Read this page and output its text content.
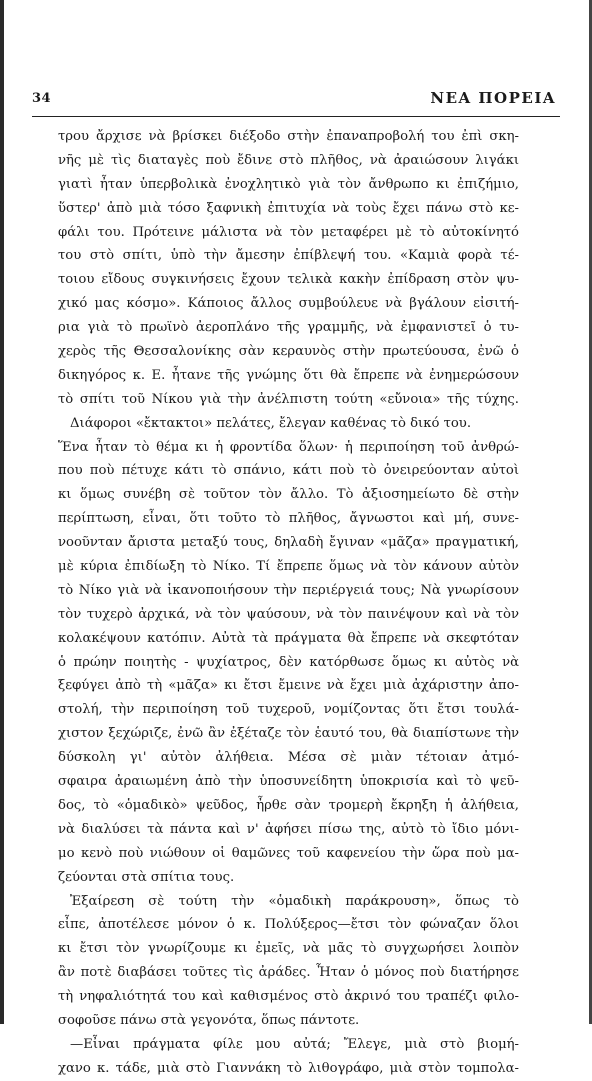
34	ΝΕΑ ΠΟΡΕΙΑ
τρου ἄρχισε νὰ βρίσκει διέξοδο στὴν ἐπαναπροβολή του ἐπὶ σκη-
νῆς μὲ τὶς διαταγὲς ποὺ ἔδινε στὸ πλῆθος, νὰ ἀραιώσουν λιγάκι
γιατὶ ἦταν ὑπερβολικὰ ἐνοχλητικὸ γιὰ τὸν ἄνθρωπο κι ἐπιζήμιο,
ὕστερ' ἀπὸ μιὰ τόσο ξαφνικὴ ἐπιτυχία νὰ τοὺς ἔχει πάνω στὸ κε-
φάλι του. Πρότεινε μάλιστα νὰ τὸν μεταφέρει μὲ τὸ αὐτοκίνητό
του στὸ σπίτι, ὑπὸ τὴν ἄμεσην ἐπίβλεψή του. «Καμιὰ φορὰ τέ-
τοιου εἴδους συγκινήσεις ἔχουν τελικὰ κακὴν ἐπίδραση στὸν ψυ-
χικό μας κόσμο». Κάποιος ἄλλος συμβούλευε νὰ βγάλουν εἰσιτή-
ρια γιὰ τὸ πρωϊνὸ ἀεροπλάνο τῆς γραμμῆς, νὰ ἐμφανιστεῖ ὁ τυ-
χερὸς τῆς Θεσσαλονίκης σὰν κεραυνὸς στὴν πρωτεύουσα, ἐνῶ ὁ
δικηγόρος κ. Ε. ἦτανε τῆς γνώμης ὅτι θὰ ἔπρεπε νὰ ἐνημερώσουν
τὸ σπίτι τοῦ Νίκου γιὰ τὴν ἀνέλπιστη τούτη «εὔνοια» τῆς τύχης.
Διάφοροι «ἔκτακτοι» πελάτες, ἔλεγαν καθένας τὸ δικό του.
Ἕνα ἦταν τὸ θέμα κι ἡ φροντίδα ὅλων· ἡ περιποίηση τοῦ ἀνθρώ-
που ποὺ πέτυχε κάτι τὸ σπάνιο, κάτι ποὺ τὸ ὀνειρεύονταν αὐτοὶ
κι ὅμως συνέβη σὲ τοῦτον τὸν ἄλλο. Τὸ ἀξιοσημείωτο δὲ στὴν
περίπτωση, εἶναι, ὅτι τοῦτο τὸ πλῆθος, ἄγνωστοι καὶ μή, συνε-
νοοῦνταν ἄριστα μεταξύ τους, δηλαδὴ ἔγιναν «μᾶζα» πραγματική,
μὲ κύρια ἐπιδίωξη τὸ Νίκο. Τί ἔπρεπε ὅμως νὰ τὸν κάνουν αὐτὸν
τὸ Νίκο γιὰ νὰ ἱκανοποιήσουν τὴν περιέργειά τους; Νὰ γνωρίσουν
τὸν τυχερὸ ἀρχικά, νὰ τὸν ψαύσουν, νὰ τὸν παινέψουν καὶ νὰ τὸν
κολακέψουν κατόπιν. Αὐτὰ τὰ πράγματα θὰ ἔπρεπε νὰ σκεφτόταν
ὁ πρώην ποιητὴς - ψυχίατρος, δὲν κατόρθωσε ὅμως κι αὐτὸς νὰ
ξεφύγει ἀπὸ τὴ «μᾶζα» κι ἔτσι ἔμεινε νὰ ἔχει μιὰ ἀχάριστην ἀπο-
στολή, τὴν περιποίηση τοῦ τυχεροῦ, νομίζοντας ὅτι ἔτσι τουλά-
χιστον ξεχώριζε, ἐνῶ ἂν ἐξέταζε τὸν ἑαυτό του, θὰ διαπίστωνε τὴν
δύσκολη γι' αὐτὸν ἀλήθεια. Μέσα σὲ μιὰν τέτοιαν ἀτμό-
σφαιρα ἀραιωμένη ἀπὸ τὴν ὑποσυνείδητη ὑποκρισία καὶ τὸ ψεῦ-
δος, τὸ «ὁμαδικὸ» ψεῦδος, ἦρθε σὰν τρομερὴ ἔκρηξη ἡ ἀλήθεια,
νὰ διαλύσει τὰ πάντα καὶ ν' ἀφήσει πίσω της, αὐτὸ τὸ ἴδιο μόνι-
μο κενὸ ποὺ νιώθουν οἱ θαμῶνες τοῦ καφενείου τὴν ὥρα ποὺ μα-
ζεύονται στὰ σπίτια τους.
Ἐξαίρεση σὲ τούτη τὴν «ὁμαδικὴ παράκρουση», ὅπως τὸ
εἶπε, ἀποτέλεσε μόνον ὁ κ. Πολύξερος—ἔτσι τὸν φώναζαν ὅλοι
κι ἔτσι τὸν γνωρίζουμε κι ἐμεῖς, νὰ μᾶς τὸ συγχωρήσει λοιπὸν
ἂν ποτὲ διαβάσει τοῦτες τὶς ἀράδες. Ἦταν ὁ μόνος ποὺ διατήρησε
τὴ νηφαλιότητά του καὶ καθισμένος στὸ ἀκρινό του τραπέζι φιλο-
σοφοῦσε πάνω στὰ γεγονότα, ὅπως πάντοτε.
—Εἶναι πράγματα φίλε μου αὐτά; Ἔλεγε, μιὰ στὸ βιομή-
χανο κ. τάδε, μιὰ στὸ Γιαννάκη τὸ λιθογράφο, μιὰ στὸν τομπολα-
